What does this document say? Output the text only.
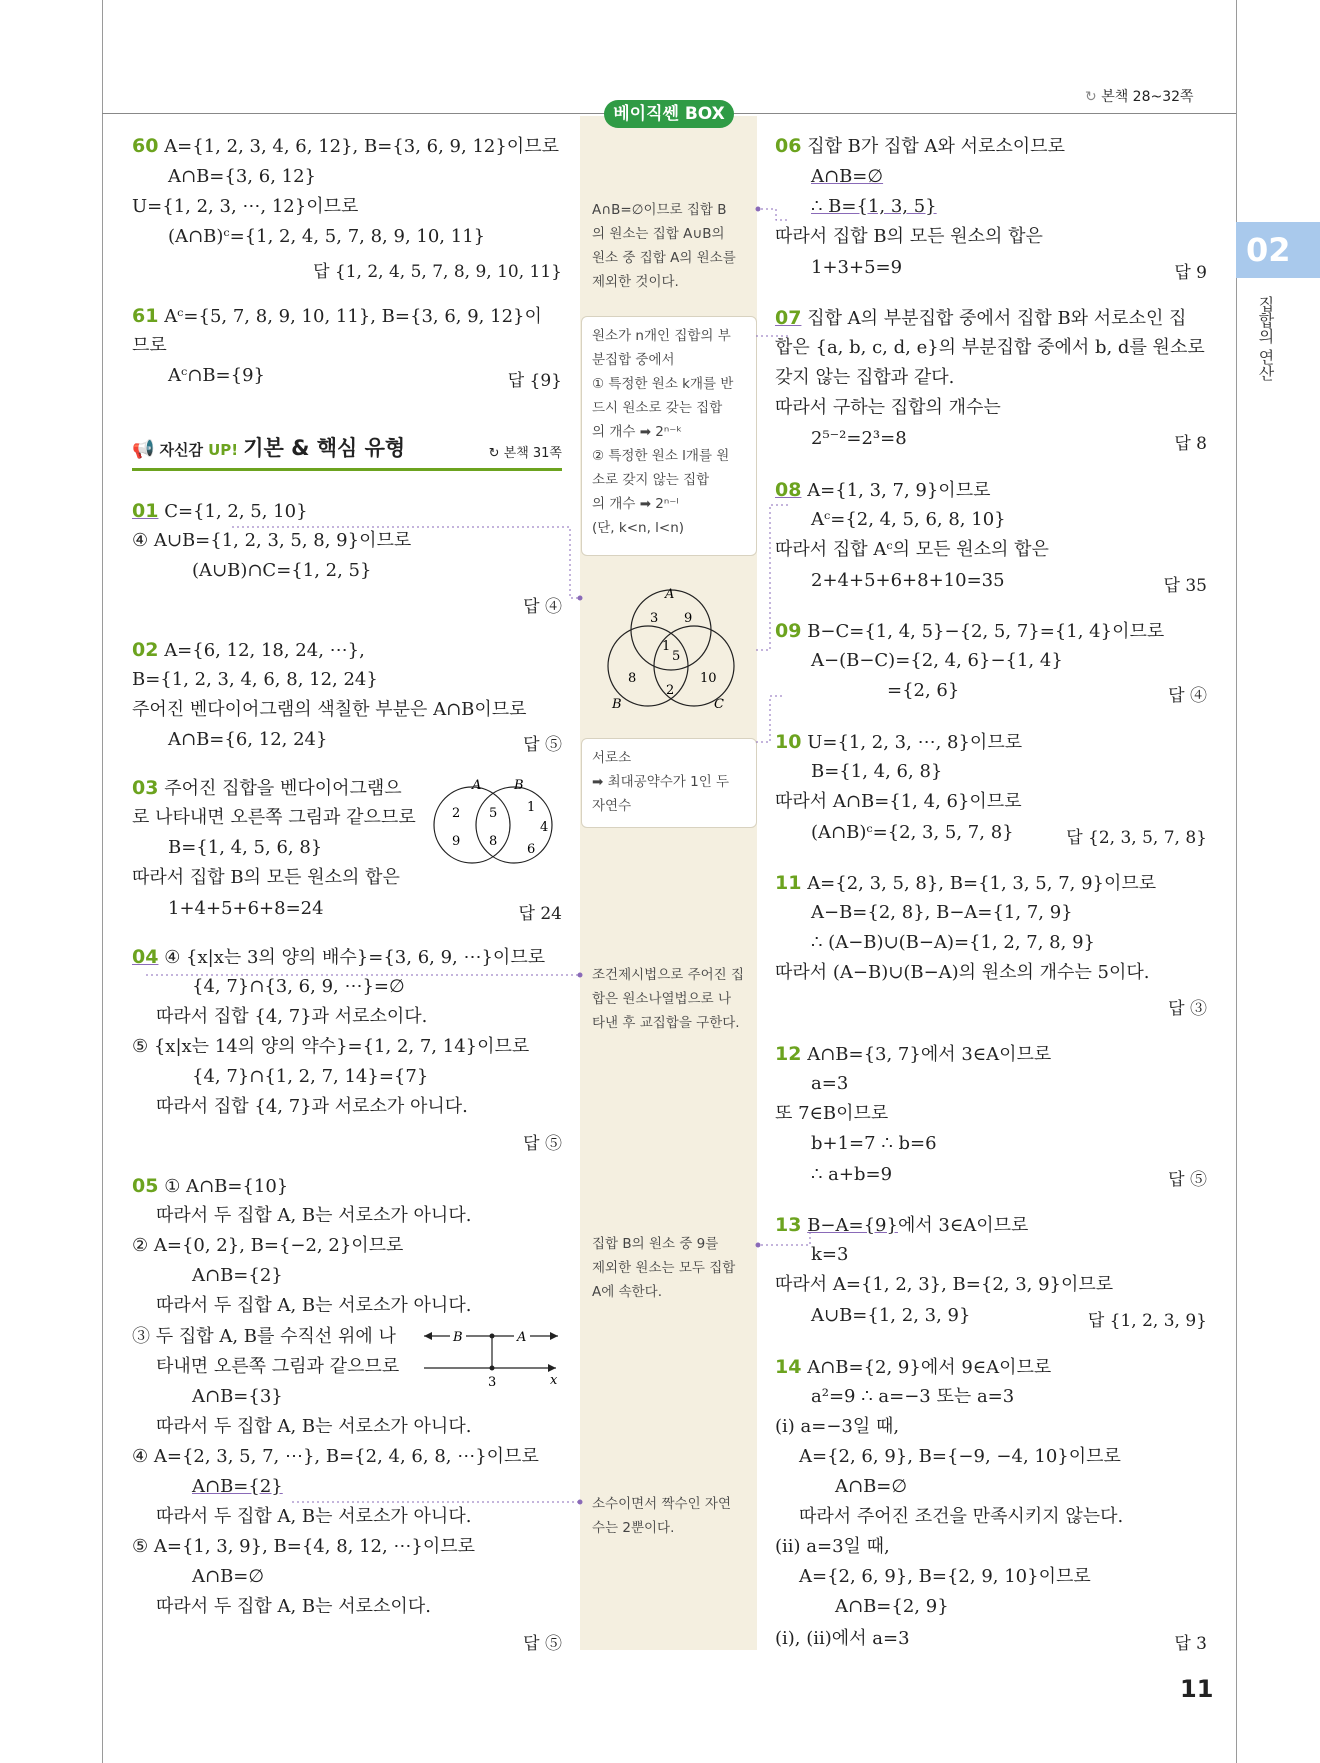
↻ 본책 28~32쪽
베이직쎈 BOX
02
집합의 연산
11
60 A={1, 2, 3, 4, 6, 12}, B={3, 6, 9, 12}이므로
A∩B={3, 6, 12}
U={1, 2, 3, ⋯, 12}이므로
(A∩B)ᶜ={1, 2, 4, 5, 7, 8, 9, 10, 11}
답 {1, 2, 4, 5, 7, 8, 9, 10, 11}
61 Aᶜ={5, 7, 8, 9, 10, 11}, B={3, 6, 9, 12}이
므로
Aᶜ∩B={9}	답 {9}
📢 자신감 UP! 기본 & 핵심 유형	↻ 본책 31쪽
01 C={1, 2, 5, 10}
④ A∪B={1, 2, 3, 5, 8, 9}이므로
(A∪B)∩C={1, 2, 5}
답 ④
02 A={6, 12, 18, 24, ⋯},
B={1, 2, 3, 4, 6, 8, 12, 24}
주어진 벤다이어그램의 색칠한 부분은 A∩B이므로
A∩B={6, 12, 24}	답 ⑤
03 주어진 집합을 벤다이어그램으
로 나타내면 오른쪽 그림과 같으므로
B={1, 4, 5, 6, 8}
따라서 집합 B의 모든 원소의 합은
1+4+5+6+8=24	답 24
A	B
2
9
5
8
1
4
6
04 ④ {x|x는 3의 양의 배수}={3, 6, 9, ⋯}이므로
{4, 7}∩{3, 6, 9, ⋯}=∅
따라서 집합 {4, 7}과 서로소이다.
⑤ {x|x는 14의 양의 약수}={1, 2, 7, 14}이므로
{4, 7}∩{1, 2, 7, 14}={7}
따라서 집합 {4, 7}과 서로소가 아니다.
답 ⑤
05 ① A∩B={10}
따라서 두 집합 A, B는 서로소가 아니다.
② A={0, 2}, B={−2, 2}이므로
A∩B={2}
따라서 두 집합 A, B는 서로소가 아니다.
③ 두 집합 A, B를 수직선 위에 나
타내면 오른쪽 그림과 같으므로
A∩B={3}
따라서 두 집합 A, B는 서로소가 아니다.
④ A={2, 3, 5, 7, ⋯}, B={2, 4, 6, 8, ⋯}이므로
A∩B={2}
따라서 두 집합 A, B는 서로소가 아니다.
⑤ A={1, 3, 9}, B={4, 8, 12, ⋯}이므로
A∩B=∅
따라서 두 집합 A, B는 서로소이다.
답 ⑤
B	A
3	x
A∩B=∅이므로 집합 B
의 원소는 집합 A∪B의
원소 중 집합 A의 원소를
제외한 것이다.
원소가 n개인 집합의 부
분집합 중에서
① 특정한 원소 k개를 반
드시 원소로 갖는 집합
의 개수 ➡ 2ⁿ⁻ᵏ
② 특정한 원소 l개를 원
소로 갖지 않는 집합
의 개수 ➡ 2ⁿ⁻ˡ
(단, k<n, l<n)
A
B	C
3 9
1
5
8
2
10
서로소
➡ 최대공약수가 1인 두
자연수
조건제시법으로 주어진 집
합은 원소나열법으로 나
타낸 후 교집합을 구한다.
집합 B의 원소 중 9를
제외한 원소는 모두 집합
A에 속한다.
소수이면서 짝수인 자연
수는 2뿐이다.
06 집합 B가 집합 A와 서로소이므로
A∩B=∅
∴ B={1, 3, 5}
따라서 집합 B의 모든 원소의 합은
1+3+5=9	답 9
07 집합 A의 부분집합 중에서 집합 B와 서로소인 집
합은 {a, b, c, d, e}의 부분집합 중에서 b, d를 원소로
갖지 않는 집합과 같다.
따라서 구하는 집합의 개수는
2⁵⁻²=2³=8	답 8
08 A={1, 3, 7, 9}이므로
Aᶜ={2, 4, 5, 6, 8, 10}
따라서 집합 Aᶜ의 모든 원소의 합은
2+4+5+6+8+10=35	답 35
09 B−C={1, 4, 5}−{2, 5, 7}={1, 4}이므로
A−(B−C)={2, 4, 6}−{1, 4}
={2, 6}	답 ④
10 U={1, 2, 3, ⋯, 8}이므로
B={1, 4, 6, 8}
따라서 A∩B={1, 4, 6}이므로
(A∩B)ᶜ={2, 3, 5, 7, 8}	답 {2, 3, 5, 7, 8}
11 A={2, 3, 5, 8}, B={1, 3, 5, 7, 9}이므로
A−B={2, 8}, B−A={1, 7, 9}
∴ (A−B)∪(B−A)={1, 2, 7, 8, 9}
따라서 (A−B)∪(B−A)의 원소의 개수는 5이다.
답 ③
12 A∩B={3, 7}에서 3∈A이므로
a=3
또 7∈B이므로
b+1=7 ∴ b=6
∴ a+b=9	답 ⑤
13 B−A={9}에서 3∈A이므로
k=3
따라서 A={1, 2, 3}, B={2, 3, 9}이므로
A∪B={1, 2, 3, 9}	답 {1, 2, 3, 9}
14 A∩B={2, 9}에서 9∈A이므로
a²=9 ∴ a=−3 또는 a=3
(i) a=−3일 때,
A={2, 6, 9}, B={−9, −4, 10}이므로
A∩B=∅
따라서 주어진 조건을 만족시키지 않는다.
(ii) a=3일 때,
A={2, 6, 9}, B={2, 9, 10}이므로
A∩B={2, 9}
(i), (ii)에서 a=3	답 3
